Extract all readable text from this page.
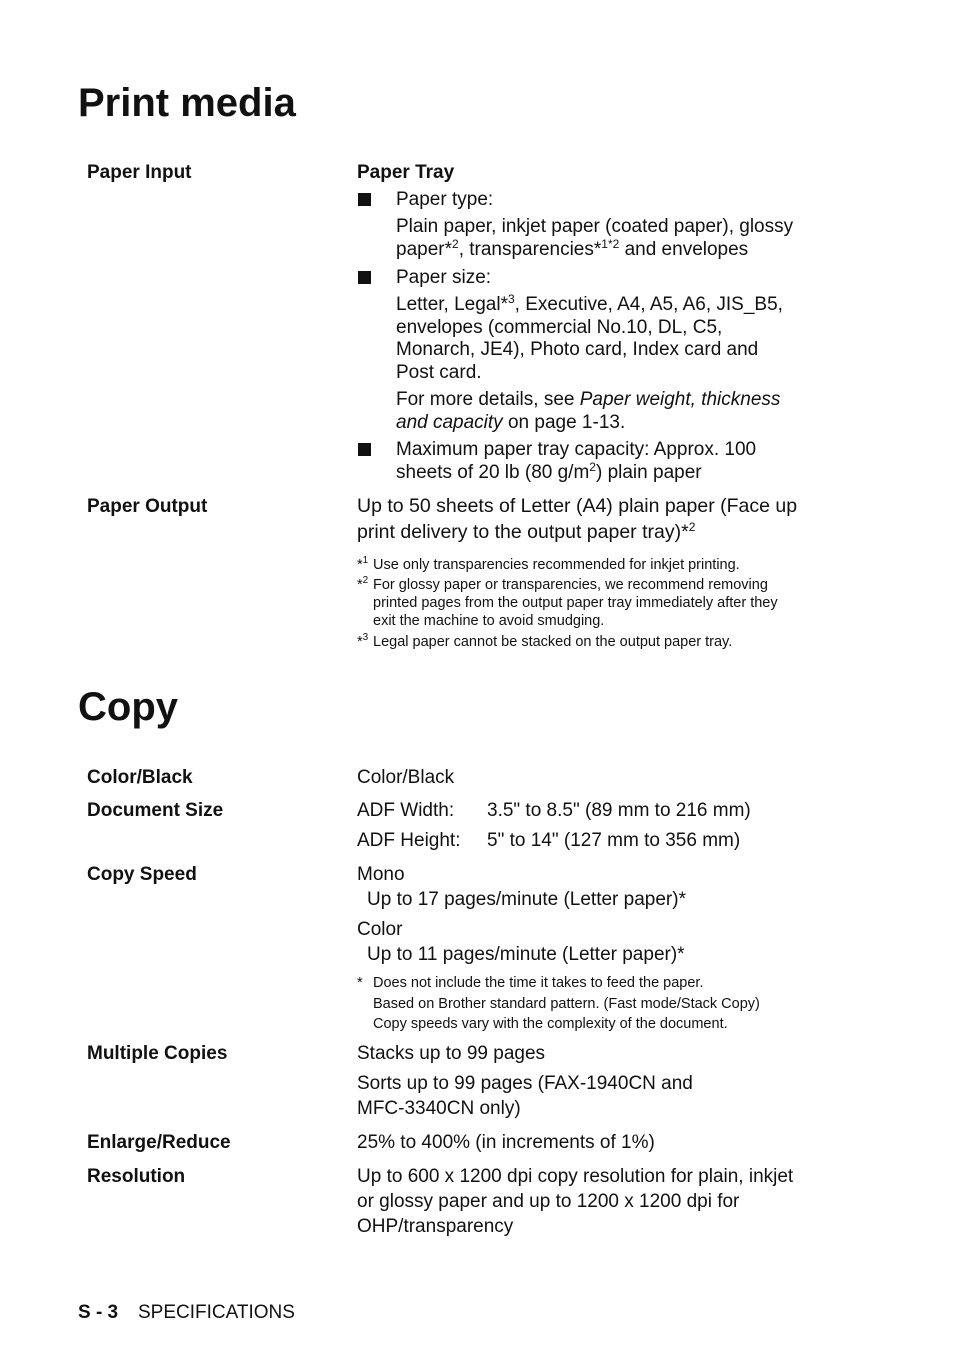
Print media
Paper Input	Paper Tray
Paper type:
Plain paper, inkjet paper (coated paper), glossy
paper*$^2$, transparencies*$^{1*2}$ and envelopes
Paper size:
Letter, Legal*$^3$, Executive, A4, A5, A6, JIS_B5,
envelopes (commercial No.10, DL, C5,
Monarch, JE4), Photo card, Index card and
Post card.
For more details, see Paper weight, thickness
and capacity on page 1-13.
Maximum paper tray capacity: Approx. 100
sheets of 20 lb (80 $g/m^2$) plain paper
Paper Output	Up to 50 sheets of Letter (A4) plain paper (Face up
print delivery to the output paper tray)*$^2$
*$^1$ Use only transparencies recommended for inkjet printing.
*$^2$ For glossy paper or transparencies, we recommend removing
printed pages from the output paper tray immediately after they
exit the machine to avoid smudging.
*$^3$ Legal paper cannot be stacked on the output paper tray.
Copy
Color/Black	Color/Black
Document Size	ADF Width: 3.5" to 8.5" (89 mm to 216 mm)
ADF Height: 5" to 14" (127 mm to 356 mm)
Copy Speed	Mono
Up to 17 pages/minute (Letter paper)*
Color
Up to 11 pages/minute (Letter paper)*
* Does not include the time it takes to feed the paper.
Based on Brother standard pattern. (Fast mode/Stack Copy)
Copy speeds vary with the complexity of the document.
Multiple Copies	Stacks up to 99 pages
Sorts up to 99 pages (FAX-1940CN and
MFC-3340CN only)
Enlarge/Reduce	25% to 400% (in increments of 1%)
Resolution	Up to 600 x 1200 dpi copy resolution for plain, inkjet
or glossy paper and up to 1200 x 1200 dpi for
OHP/transparency
S - 3 SPECIFICATIONS
